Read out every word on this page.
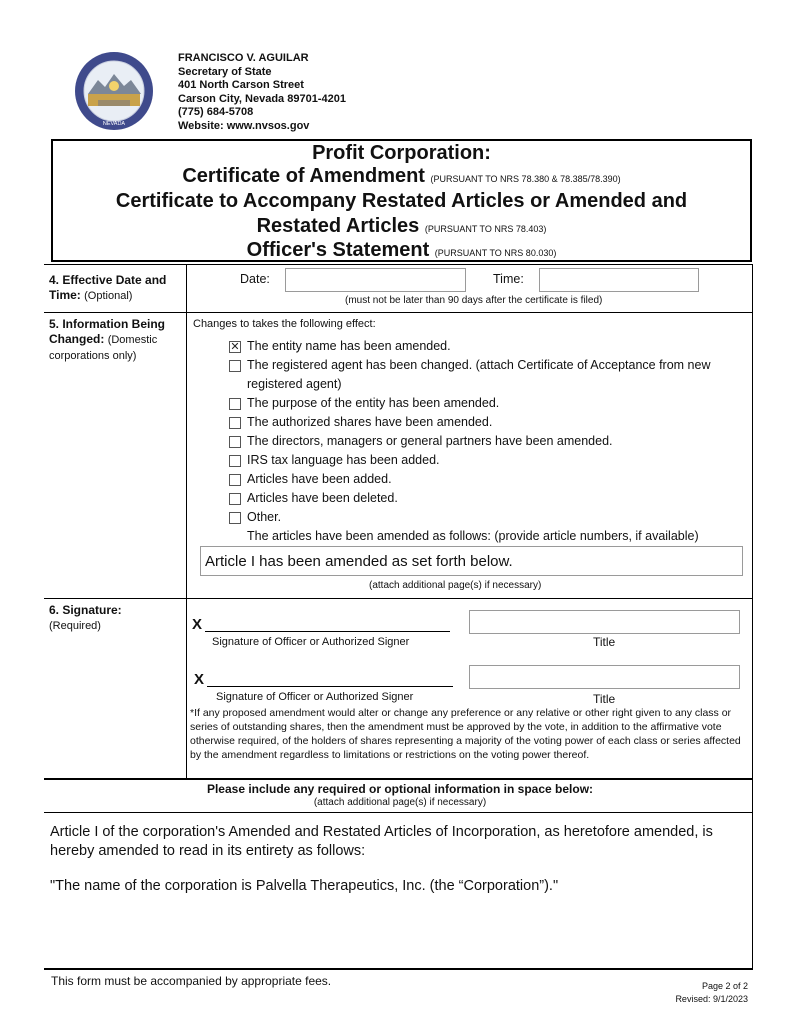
NEVADA
FRANCISCO V. AGUILAR
Secretary of State
401 North Carson Street
Carson City, Nevada 89701-4201
(775) 684-5708
Website: www.nvsos.gov
Profit Corporation:
Certificate of Amendment (PURSUANT TO NRS 78.380 & 78.385/78.390)
Certificate to Accompany Restated Articles or Amended and
Restated Articles (PURSUANT TO NRS 78.403)
Officer's Statement (PURSUANT TO NRS 80.030)
4. Effective Date and
Time: (Optional)
Date:	Time:
(must not be later than 90 days after the certificate is filed)
5. Information Being
Changed: (Domestic
corporations only)
Changes to takes the following effect:
✕ The entity name has been amended.
The registered agent has been changed. (attach Certificate of Acceptance from new
registered agent)
The purpose of the entity has been amended.
The authorized shares have been amended.
The directors, managers or general partners have been amended.
IRS tax language has been added.
Articles have been added.
Articles have been deleted.
Other.
The articles have been amended as follows: (provide article numbers, if available)
Article I has been amended as set forth below.
(attach additional page(s) if necessary)
6. Signature:
(Required)	X
Signature of Officer or Authorized Signer	Title
X
Signature of Officer or Authorized Signer	Title
*If any proposed amendment would alter or change any preference or any relative or other right given to any class or series of outstanding shares, then the amendment must be approved by the vote, in addition to the affirmative vote otherwise required, of the holders of shares representing a majority of the voting power of each class or series affected by the amendment regardless to limitations or restrictions on the voting power thereof.
Please include any required or optional information in space below:
(attach additional page(s) if necessary)
Article I of the corporation's Amended and Restated Articles of Incorporation, as heretofore amended, is hereby amended to read in its entirety as follows:
"The name of the corporation is Palvella Therapeutics, Inc. (the “Corporation”)."
This form must be accompanied by appropriate fees.	Page 2 of 2
Revised: 9/1/2023
